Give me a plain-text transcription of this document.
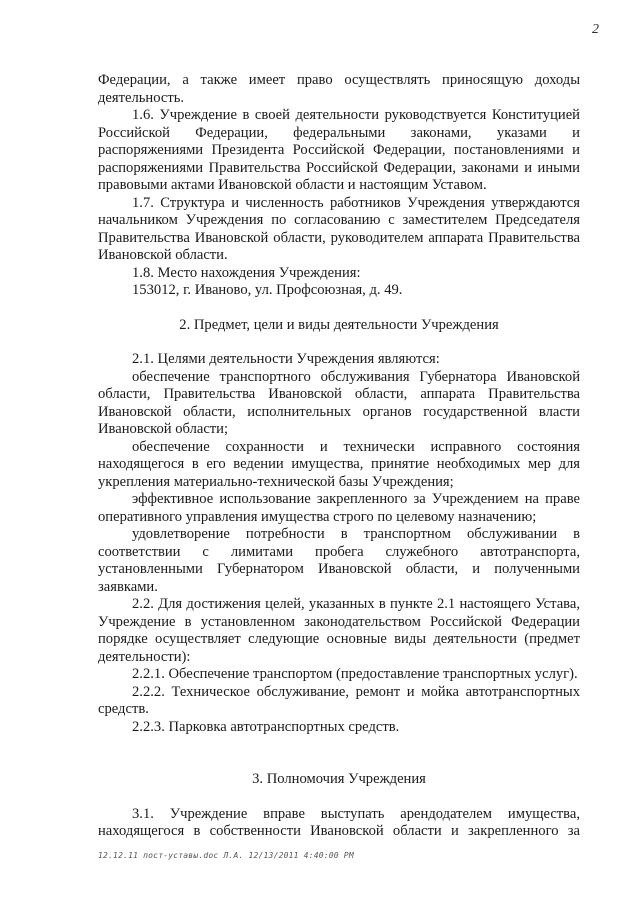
2

Федерации, а также имеет право осуществлять приносящую доходы деятельность.

1.6. Учреждение в своей деятельности руководствуется Конституцией Российской Федерации, федеральными законами, указами и распоряжениями Президента Российской Федерации, постановлениями и распоряжениями Правительства Российской Федерации, законами и иными правовыми актами Ивановской области и настоящим Уставом.

1.7. Структура и численность работников Учреждения утверждаются начальником Учреждения по согласованию с заместителем Председателя Правительства Ивановской области, руководителем аппарата Правительства Ивановской области.

1.8. Место нахождения Учреждения:

153012, г. Иваново, ул. Профсоюзная, д. 49.

2. Предмет, цели и виды деятельности Учреждения

2.1. Целями деятельности Учреждения являются:

обеспечение транспортного обслуживания Губернатора Ивановской области, Правительства Ивановской области, аппарата Правительства Ивановской области, исполнительных органов государственной власти Ивановской области;

обеспечение сохранности и технически исправного состояния находящегося в его ведении имущества, принятие необходимых мер для укрепления материально-технической базы Учреждения;

эффективное использование закрепленного за Учреждением на праве оперативного управления имущества строго по целевому назначению;

удовлетворение потребности в транспортном обслуживании в соответствии с лимитами пробега служебного автотранспорта, установленными Губернатором Ивановской области, и полученными заявками.

2.2. Для достижения целей, указанных в пункте 2.1 настоящего Устава, Учреждение в установленном законодательством Российской Федерации порядке осуществляет следующие основные виды деятельности (предмет деятельности):

2.2.1. Обеспечение транспортом (предоставление транспортных услуг).

2.2.2. Техническое обслуживание, ремонт и мойка автотранспортных средств.

2.2.3. Парковка автотранспортных средств.

3. Полномочия Учреждения

3.1. Учреждение вправе выступать арендодателем имущества, находящегося в собственности Ивановской области и закрепленного за

12.12.11 пост-уставы.doc Л.А. 12/13/2011 4:40:00 PM
